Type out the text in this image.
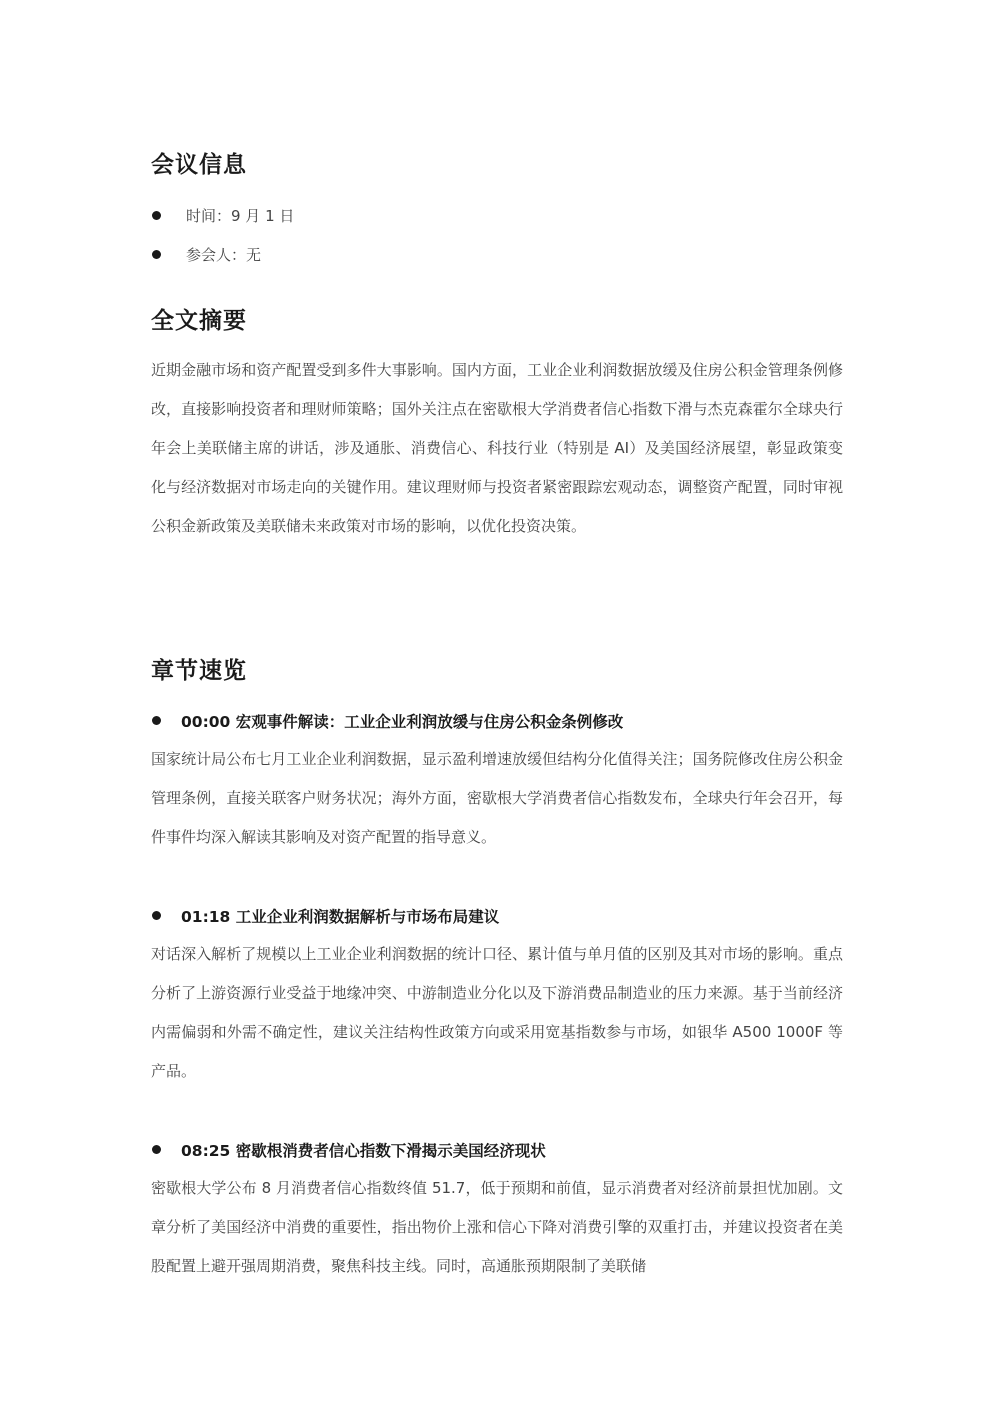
会议信息
时间：9 月 1 日
参会人：无
全文摘要

近期金融市场和资产配置受到多件大事影响。国内方面，工业企业利润数据放缓及住房公积金管理条例修改，直接影响投资者和理财师策略；国外关注点在密歇根大学消费者信心指数下滑与杰克森霍尔全球央行年会上美联储主席的讲话，涉及通胀、消费信心、科技行业（特别是 AI）及美国经济展望，彰显政策变化与经济数据对市场走向的关键作用。建议理财师与投资者紧密跟踪宏观动态，调整资产配置，同时审视公积金新政策及美联储未来政策对市场的影响，以优化投资决策。

章节速览
00:00 宏观事件解读：工业企业利润放缓与住房公积金条例修改

国家统计局公布七月工业企业利润数据，显示盈利增速放缓但结构分化值得关注；国务院修改住房公积金管理条例，直接关联客户财务状况；海外方面，密歇根大学消费者信心指数发布，全球央行年会召开，每件事件均深入解读其影响及对资产配置的指导意义。

01:18 工业企业利润数据解析与市场布局建议

对话深入解析了规模以上工业企业利润数据的统计口径、累计值与单月值的区别及其对市场的影响。重点分析了上游资源行业受益于地缘冲突、中游制造业分化以及下游消费品制造业的压力来源。基于当前经济内需偏弱和外需不确定性，建议关注结构性政策方向或采用宽基指数参与市场，如银华 A500 1000F 等产品。

08:25 密歇根消费者信心指数下滑揭示美国经济现状

密歇根大学公布 8 月消费者信心指数终值 51.7，低于预期和前值，显示消费者对经济前景担忧加剧。文章分析了美国经济中消费的重要性，指出物价上涨和信心下降对消费引擎的双重打击，并建议投资者在美股配置上避开强周期消费，聚焦科技主线。同时，高通胀预期限制了美联储
